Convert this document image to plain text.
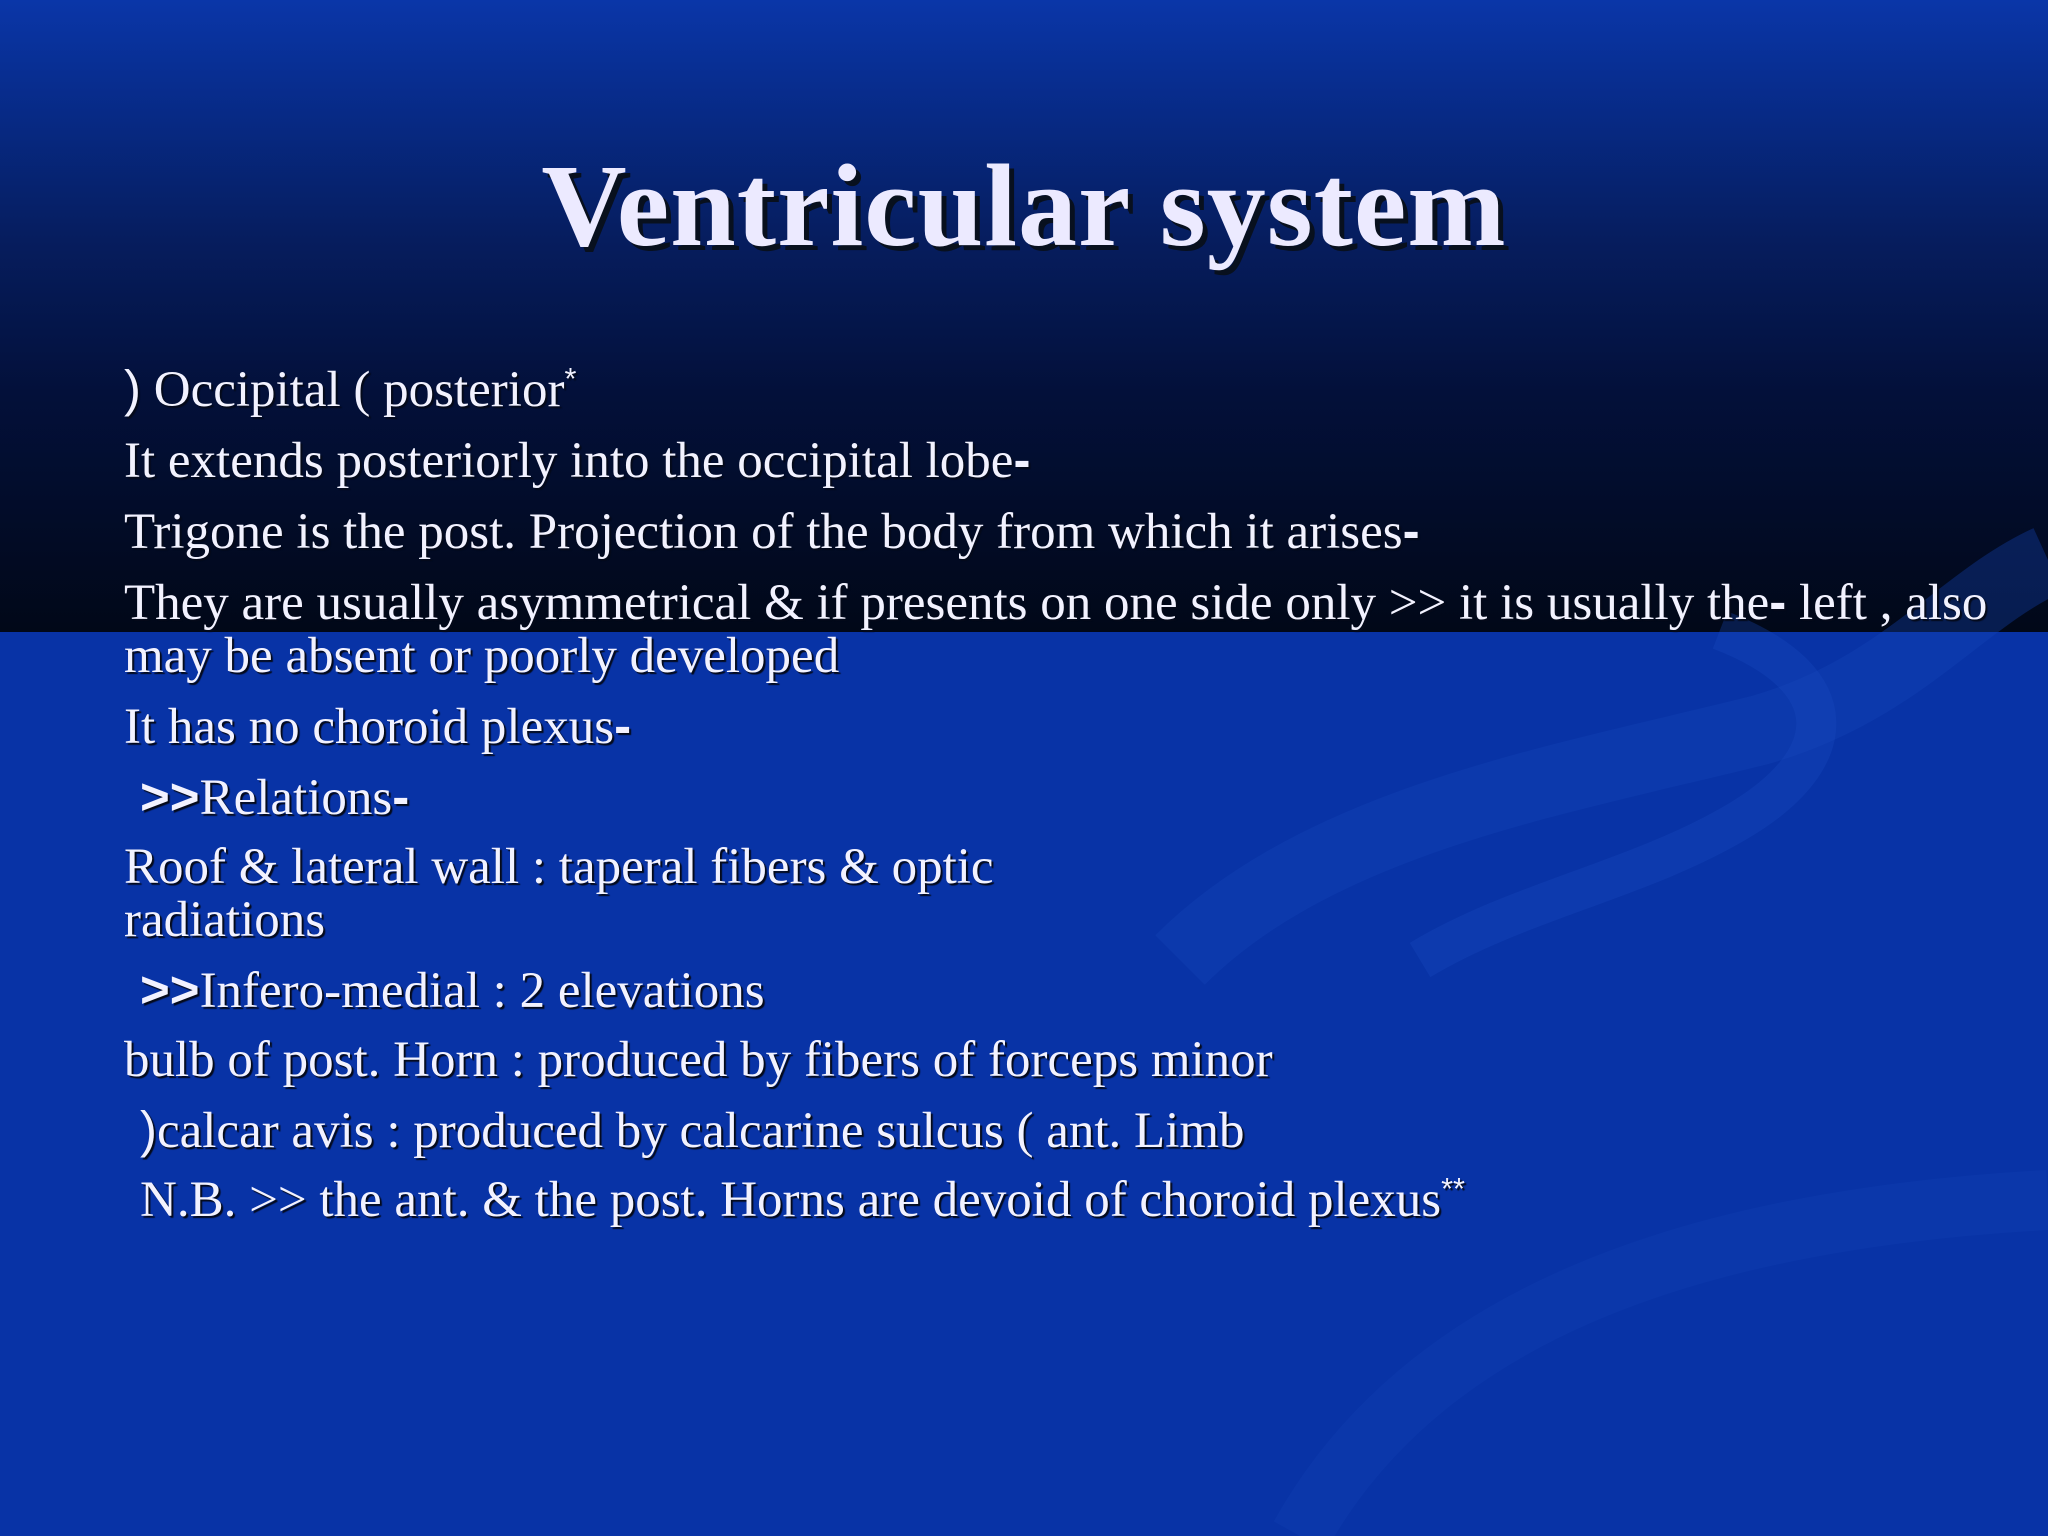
Ventricular system

) Occipital ( posterior*

It extends posteriorly into the occipital lobe-

Trigone is the post. Projection of the body from which it arises-

They are usually asymmetrical & if presents on one side only >> it is usually the- left , also may be absent or poorly developed

It has no choroid plexus-

>>Relations-

Roof & lateral wall : taperal fibers & optic radiations

>>Infero-medial : 2 elevations

bulb of post. Horn : produced by fibers of forceps minor

)calcar avis : produced by calcarine sulcus ( ant. Limb

N.B. >> the ant. & the post. Horns are devoid of choroid plexus**
